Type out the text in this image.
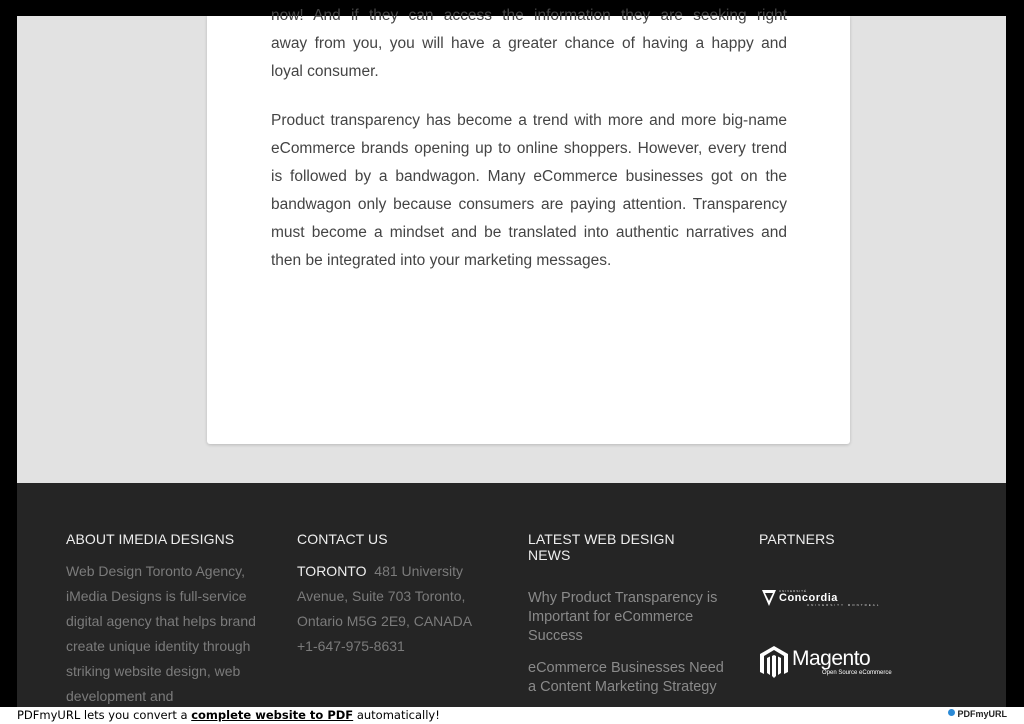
now! And if they can access the information they are seeking right

away from you, you will have a greater chance of having a happy and

loyal consumer.

Product transparency has become a trend with more and more big-name eCommerce brands opening up to online shoppers. However, every trend is followed by a bandwagon. Many eCommerce businesses got on the bandwagon only because consumers are paying attention. Transparency must become a mindset and be translated into authentic narratives and then be integrated into your marketing messages.

ABOUT IMEDIA DESIGNS

Web Design Toronto Agency, iMedia Designs is full-service digital agency that helps brand create unique identity through striking website design, web development and

CONTACT US

TORONTO 481 University Avenue, Suite 703 Toronto, Ontario M5G 2E9, CANADA
+1-647-975-8631

LATEST WEB DESIGN NEWS
Why Product Transparency is Important for eCommerce Success
eCommerce Businesses Need a Content Marketing Strategy
PARTNERS
UNIVERSITÉ
Concordia
UNIVERSITY MONTREAL
Magento
Open Source eCommerce
PDFmyURL lets you convert a complete website to PDF automatically!	PDFmyURL
